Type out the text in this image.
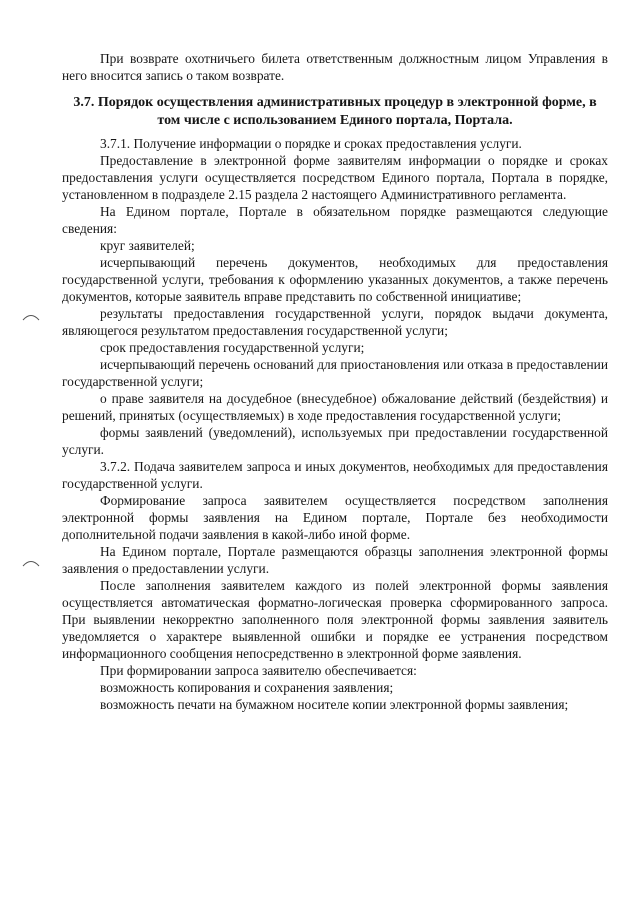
При возврате охотничьего билета ответственным должностным лицом Управления в него вносится запись о таком возврате.

3.7. Порядок осуществления административных процедур в электронной форме, в том числе с использованием Единого портала, Портала.

3.7.1. Получение информации о порядке и сроках предоставления услуги.

Предоставление в электронной форме заявителям информации о порядке и сроках предоставления услуги осуществляется посредством Единого портала, Портала в порядке, установленном в подразделе 2.15 раздела 2 настоящего Административного регламента.

На Едином портале, Портале в обязательном порядке размещаются следующие сведения:

круг заявителей;

исчерпывающий перечень документов, необходимых для предоставления государственной услуги, требования к оформлению указанных документов, а также перечень документов, которые заявитель вправе представить по собственной инициативе;

результаты предоставления государственной услуги, порядок выдачи документа, являющегося результатом предоставления государственной услуги;

срок предоставления государственной услуги;

исчерпывающий перечень оснований для приостановления или отказа в предоставлении государственной услуги;

о праве заявителя на досудебное (внесудебное) обжалование действий (бездействия) и решений, принятых (осуществляемых) в ходе предоставления государственной услуги;

формы заявлений (уведомлений), используемых при предоставлении государственной услуги.

3.7.2. Подача заявителем запроса и иных документов, необходимых для предоставления государственной услуги.

Формирование запроса заявителем осуществляется посредством заполнения электронной формы заявления на Едином портале, Портале без необходимости дополнительной подачи заявления в какой-либо иной форме.

На Едином портале, Портале размещаются образцы заполнения электронной формы заявления о предоставлении услуги.

После заполнения заявителем каждого из полей электронной формы заявления осуществляется автоматическая форматно-логическая проверка сформированного запроса. При выявлении некорректно заполненного поля электронной формы заявления заявитель уведомляется о характере выявленной ошибки и порядке ее устранения посредством информационного сообщения непосредственно в электронной форме заявления.

При формировании запроса заявителю обеспечивается:

возможность копирования и сохранения заявления;

возможность печати на бумажном носителе копии электронной формы заявления;
